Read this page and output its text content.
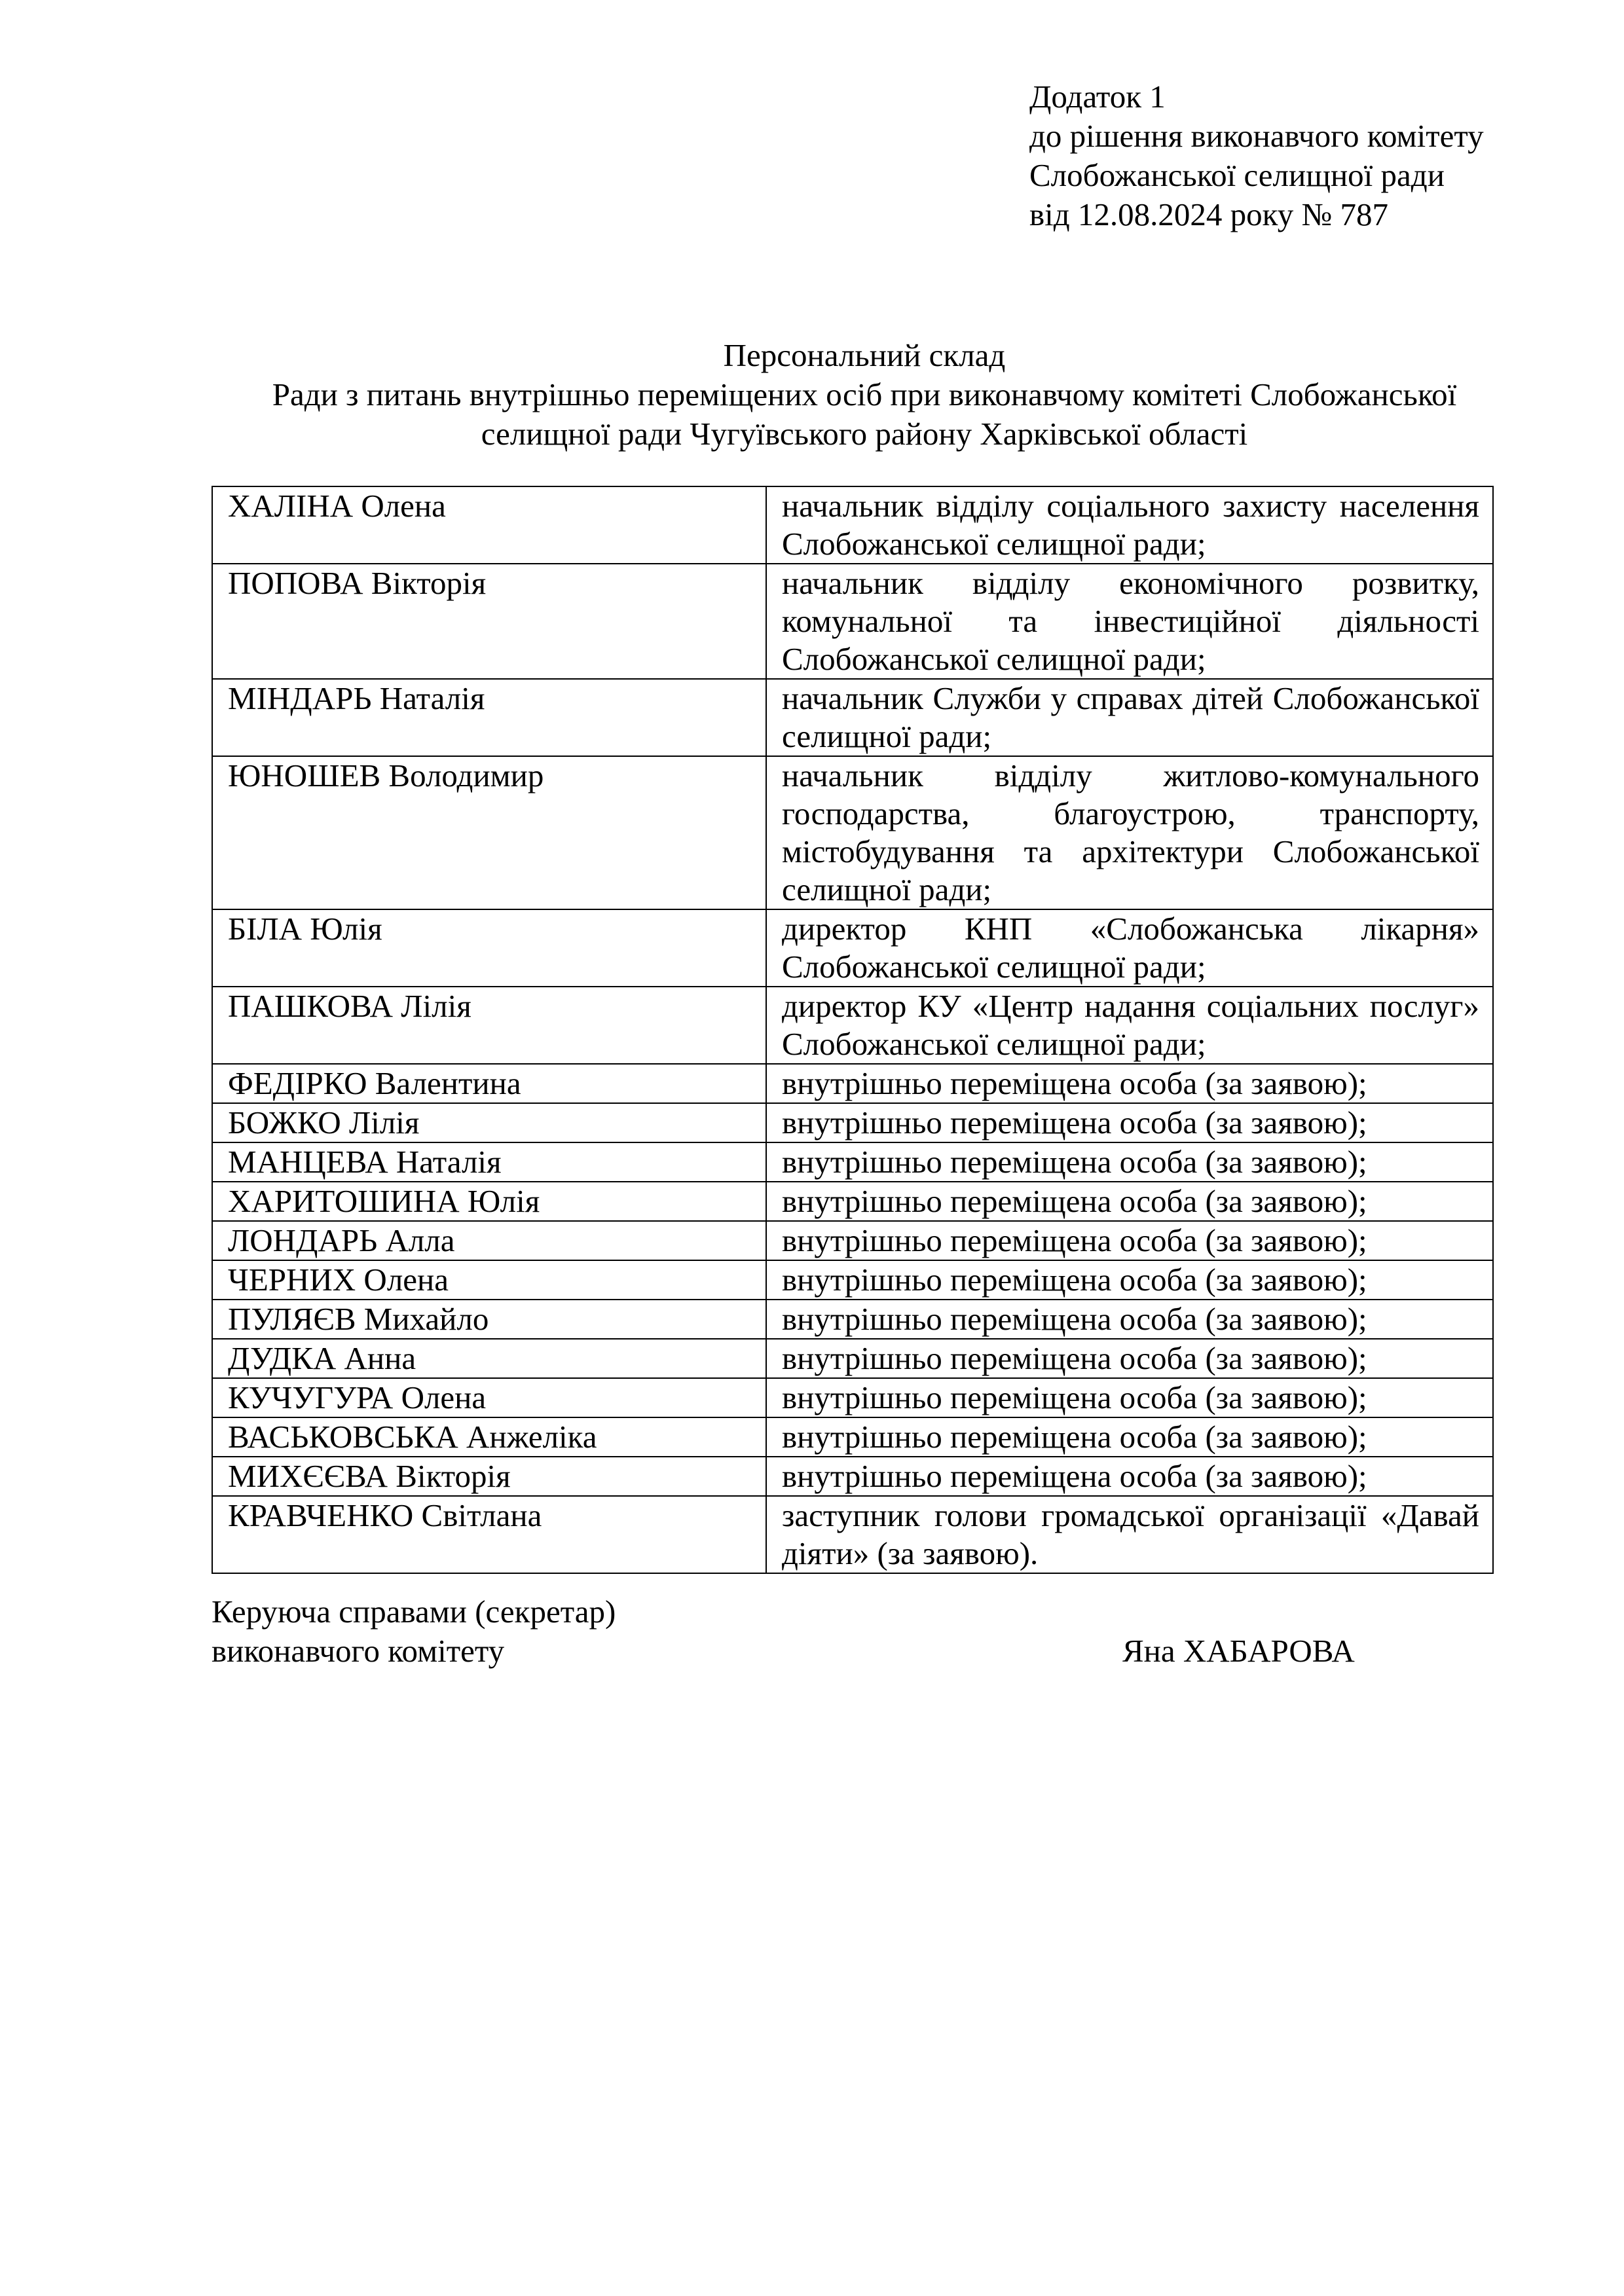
Додаток 1
до рішення виконавчого комітету
Слобожанської селищної ради
від 12.08.2024 року № 787
Персональний склад
Ради з питань внутрішньо переміщених осіб при виконавчому комітеті Слобожанської
селищної ради Чугуївського району Харківської області
ХАЛІНА Олена	начальник відділу соціального захисту населення Слобожанської селищної ради;
ПОПОВА Вікторія	начальник відділу економічного розвитку, комунальної та інвестиційної діяльності Слобожанської селищної ради;
МІНДАРЬ Наталія	начальник Служби у справах дітей Слобожанської селищної ради;
ЮНОШЕВ Володимир	начальник відділу житлово-комунального господарства, благоустрою, транспорту, містобудування та архітектури Слобожанської селищної ради;
БІЛА Юлія	директор КНП «Слобожанська лікарня» Слобожанської селищної ради;
ПАШКОВА Лілія	директор КУ «Центр надання соціальних послуг» Слобожанської селищної ради;
ФЕДІРКО Валентина	внутрішньо переміщена особа (за заявою);
БОЖКО Лілія	внутрішньо переміщена особа (за заявою);
МАНЦЕВА Наталія	внутрішньо переміщена особа (за заявою);
ХАРИТОШИНА Юлія	внутрішньо переміщена особа (за заявою);
ЛОНДАРЬ Алла	внутрішньо переміщена особа (за заявою);
ЧЕРНИХ Олена	внутрішньо переміщена особа (за заявою);
ПУЛЯЄВ Михайло	внутрішньо переміщена особа (за заявою);
ДУДКА Анна	внутрішньо переміщена особа (за заявою);
КУЧУГУРА Олена	внутрішньо переміщена особа (за заявою);
ВАСЬКОВСЬКА Анжеліка	внутрішньо переміщена особа (за заявою);
МИХЄЄВА Вікторія	внутрішньо переміщена особа (за заявою);
КРАВЧЕНКО Світлана	заступник голови громадської організації «Давай діяти» (за заявою).
Керуюча справами (секретар)
виконавчого комітету	Яна ХАБАРОВА
